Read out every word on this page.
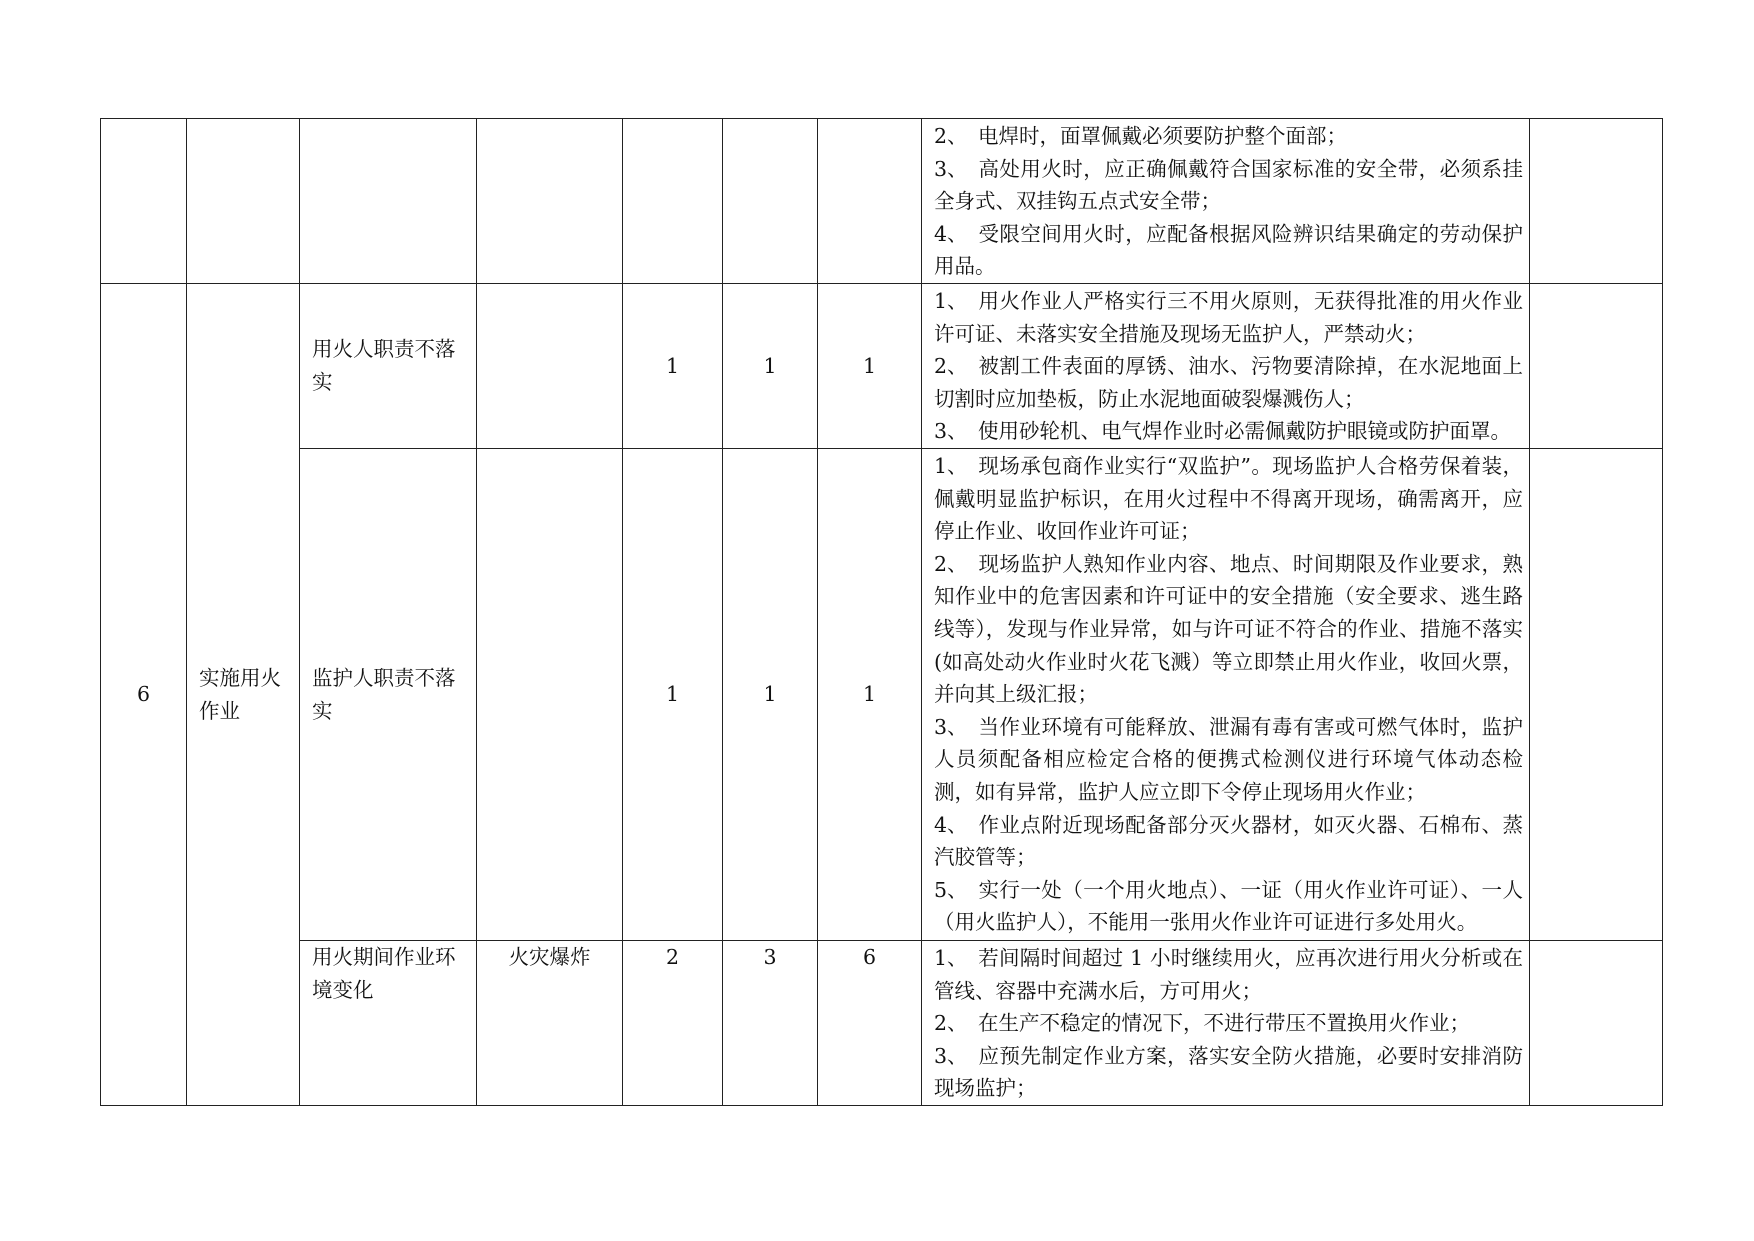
							2、 电焊时，面罩佩戴必须要防护整个面部；
3、 高处用火时，应正确佩戴符合国家标准的安全带，必须系挂全身式、双挂钩五点式安全带；
4、 受限空间用火时，应配备根据风险辨识结果确定的劳动保护用品。	

6	实施用火作业	用火人职责不落实		1	1	1	1、 用火作业人严格实行三不用火原则，无获得批准的用火作业许可证、未落实安全措施及现场无监护人，严禁动火；
2、 被割工件表面的厚锈、油水、污物要清除掉，在水泥地面上切割时应加垫板，防止水泥地面破裂爆溅伤人；
3、 使用砂轮机、电气焊作业时必需佩戴防护眼镜或防护面罩。	

		监护人职责不落实		1	1	1	1、 现场承包商作业实行“双监护”。现场监护人合格劳保着装，佩戴明显监护标识，在用火过程中不得离开现场，确需离开，应停止作业、收回作业许可证；
2、 现场监护人熟知作业内容、地点、时间期限及作业要求，熟知作业中的危害因素和许可证中的安全措施（安全要求、逃生路线等），发现与作业异常，如与许可证不符合的作业、措施不落实(如高处动火作业时火花飞溅）等立即禁止用火作业，收回火票，并向其上级汇报；
3、 当作业环境有可能释放、泄漏有毒有害或可燃气体时，监护人员须配备相应检定合格的便携式检测仪进行环境气体动态检测，如有异常，监护人应立即下令停止现场用火作业；
4、 作业点附近现场配备部分灭火器材，如灭火器、石棉布、蒸汽胶管等；
5、 实行一处（一个用火地点）、一证（用火作业许可证）、一人（用火监护人），不能用一张用火作业许可证进行多处用火。	

		用火期间作业环境变化	火灾爆炸	2	3	6	1、 若间隔时间超过 1 小时继续用火，应再次进行用火分析或在管线、容器中充满水后，方可用火；
2、 在生产不稳定的情况下，不进行带压不置换用火作业；
3、 应预先制定作业方案，落实安全防火措施，必要时安排消防现场监护；	
